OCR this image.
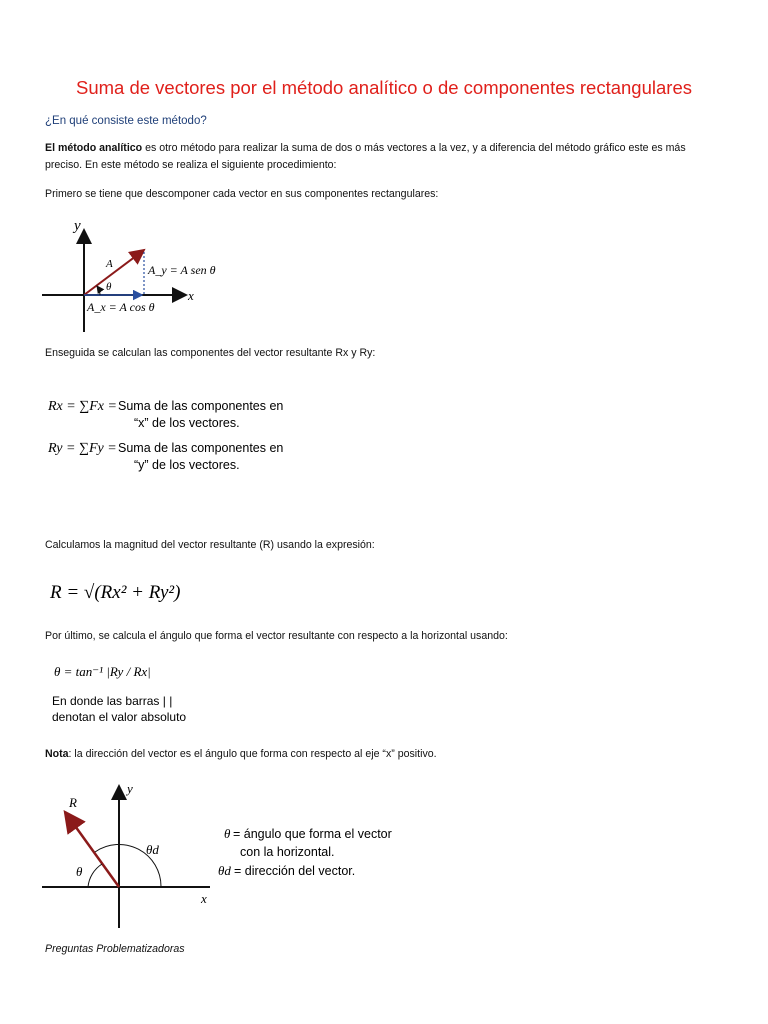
Suma de vectores por el método analítico o de componentes rectangulares
¿En qué consiste este método?
El método analítico es otro método para realizar la suma de dos o más vectores a la vez, y a diferencia del método gráfico este es más preciso. En este método se realiza el siguiente procedimiento:
Primero se tiene que descomponer cada vector en sus componentes rectangulares:
y
x
A
θ
A_y = A sen θ
A_x = A cos θ
Enseguida se calculan las componentes del vector resultante Rx y Ry:
Rx = ∑Fx = Suma de las componentes en
“x” de los vectores.
Ry = ∑Fy = Suma de las componentes en
“y” de los vectores.
Calculamos la magnitud del vector resultante (R) usando la expresión:
R = √(Rx² + Ry²)
Por último, se calcula el ángulo que forma el vector resultante con respecto a la horizontal usando:
θ = tan⁻¹ |Ry / Rx|
En donde las barras | |
denotan el valor absoluto
Nota: la dirección del vector es el ángulo que forma con respecto al eje “x” positivo.
R
y
x
θ
θd
θ = ángulo que forma el vector
con la horizontal.
θd = dirección del vector.
Preguntas Problematizadoras
